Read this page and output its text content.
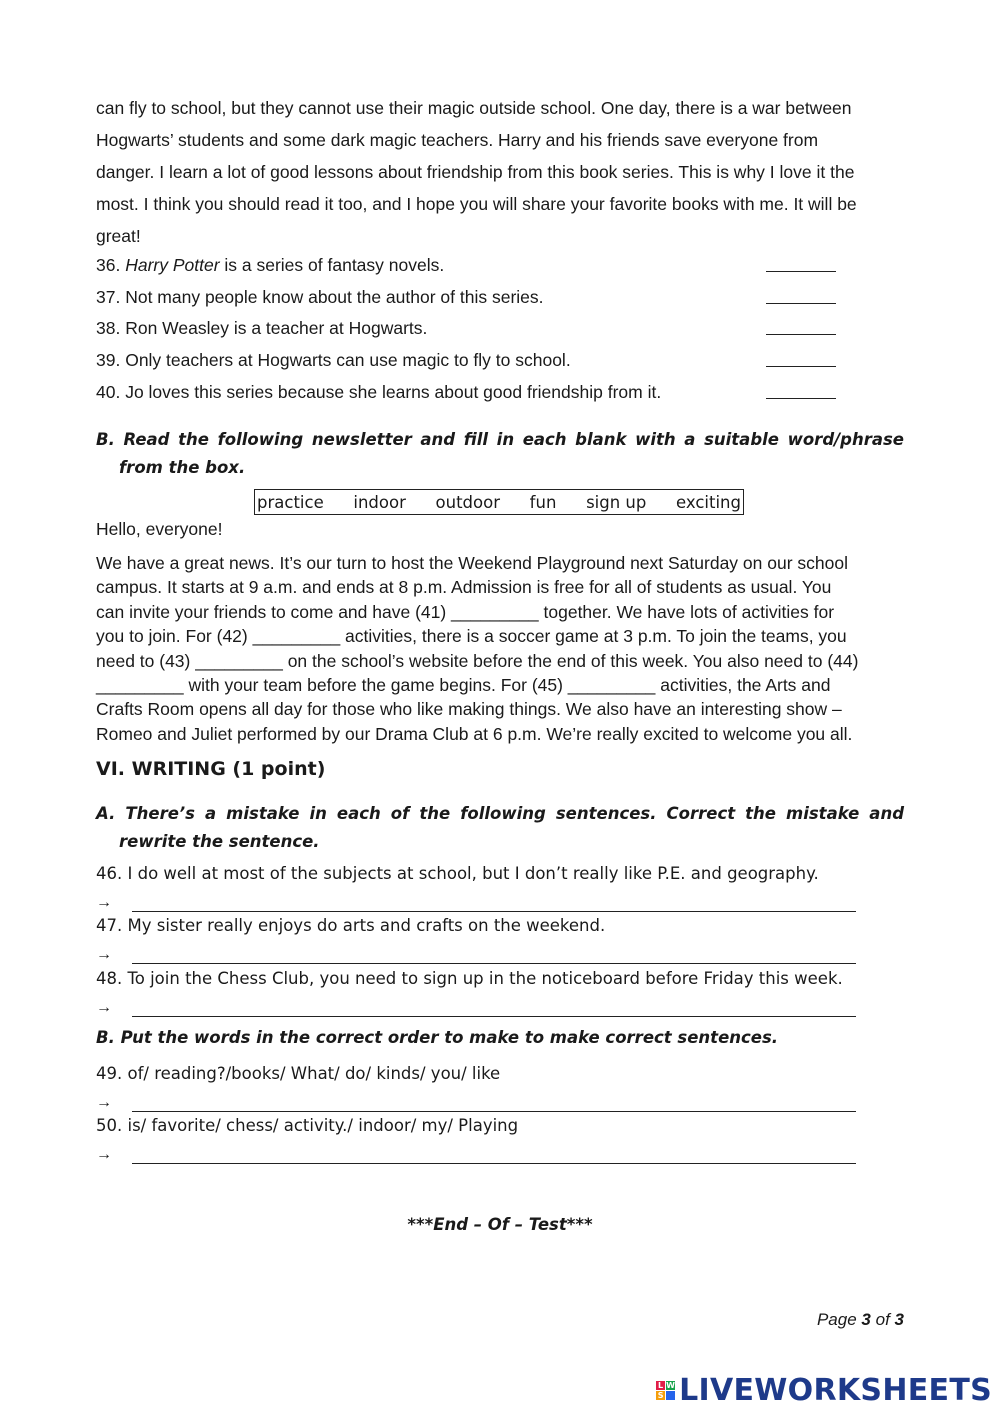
can fly to school, but they cannot use their magic outside school. One day, there is a war between
Hogwarts’ students and some dark magic teachers. Harry and his friends save everyone from
danger. I learn a lot of good lessons about friendship from this book series. This is why I love it the
most. I think you should read it too, and I hope you will share your favorite books with me. It will be
great!
36. Harry Potter is a series of fantasy novels.
37. Not many people know about the author of this series.
38. Ron Weasley is a teacher at Hogwarts.
39. Only teachers at Hogwarts can use magic to fly to school.
40. Jo loves this series because she learns about good friendship from it.
B. Read the following newsletter and fill in each blank with a suitable word/phrase from the box.
practice indoor outdoor fun sign up exciting
Hello, everyone!
We have a great news. It’s our turn to host the Weekend Playground next Saturday on our school
campus. It starts at 9 a.m. and ends at 8 p.m. Admission is free for all of students as usual. You
can invite your friends to come and have (41) _________ together. We have lots of activities for
you to join. For (42) _________ activities, there is a soccer game at 3 p.m. To join the teams, you
need to (43) _________ on the school’s website before the end of this week. You also need to (44)
_________ with your team before the game begins. For (45) _________ activities, the Arts and
Crafts Room opens all day for those who like making things. We also have an interesting show –
Romeo and Juliet performed by our Drama Club at 6 p.m. We’re really excited to welcome you all.
VI. WRITING (1 point)
A. There’s a mistake in each of the following sentences. Correct the mistake and rewrite the sentence.
46. I do well at most of the subjects at school, but I don’t really like P.E. and geography.
→
47. My sister really enjoys do arts and crafts on the weekend.
→
48. To join the Chess Club, you need to sign up in the noticeboard before Friday this week.
→
B. Put the words in the correct order to make to make correct sentences.
49. of/ reading?/books/ What/ do/ kinds/ you/ like
→
50. is/ favorite/ chess/ activity./ indoor/ my/ Playing
→
***End – Of – Test***
Page 3 of 3
L W
S LIVEWORKSHEETS
